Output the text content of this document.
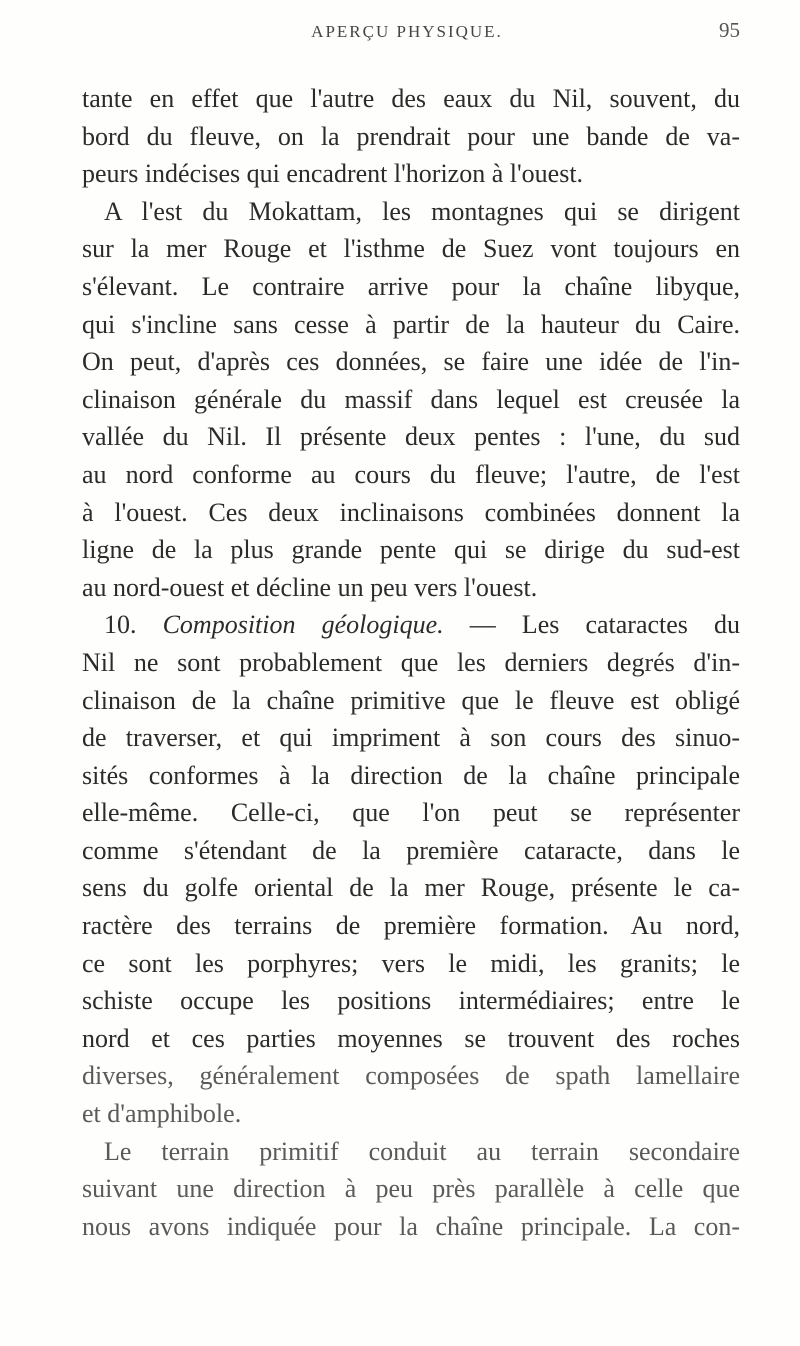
APERÇU PHYSIQUE.	95
tante en effet que l'autre des eaux du Nil, souvent, du
bord du fleuve, on la prendrait pour une bande de va-
peurs indécises qui encadrent l'horizon à l'ouest.
A l'est du Mokattam, les montagnes qui se dirigent
sur la mer Rouge et l'isthme de Suez vont toujours en
s'élevant. Le contraire arrive pour la chaîne libyque,
qui s'incline sans cesse à partir de la hauteur du Caire.
On peut, d'après ces données, se faire une idée de l'in-
clinaison générale du massif dans lequel est creusée la
vallée du Nil. Il présente deux pentes : l'une, du sud
au nord conforme au cours du fleuve; l'autre, de l'est
à l'ouest. Ces deux inclinaisons combinées donnent la
ligne de la plus grande pente qui se dirige du sud-est
au nord-ouest et décline un peu vers l'ouest.
10. Composition géologique. — Les cataractes du
Nil ne sont probablement que les derniers degrés d'in-
clinaison de la chaîne primitive que le fleuve est obligé
de traverser, et qui impriment à son cours des sinuo-
sités conformes à la direction de la chaîne principale
elle-même. Celle-ci, que l'on peut se représenter
comme s'étendant de la première cataracte, dans le
sens du golfe oriental de la mer Rouge, présente le ca-
ractère des terrains de première formation. Au nord,
ce sont les porphyres; vers le midi, les granits; le
schiste occupe les positions intermédiaires; entre le
nord et ces parties moyennes se trouvent des roches
diverses, généralement composées de spath lamellaire
et d'amphibole.
Le terrain primitif conduit au terrain secondaire
suivant une direction à peu près parallèle à celle que
nous avons indiquée pour la chaîne principale. La con-
